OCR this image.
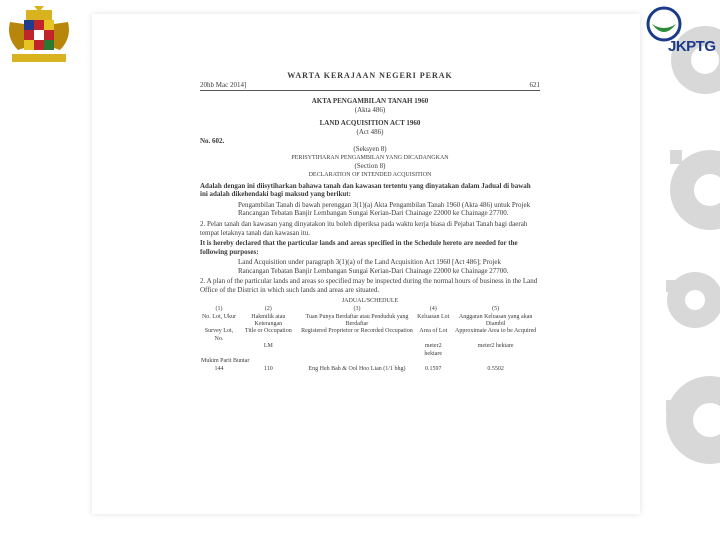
JKPTG

WARTA KERAJAAN NEGERI PERAK

20hb Mac 2014]	621

AKTA PENGAMBILAN TANAH 1960

(Akta 486)

LAND ACQUISITION ACT 1960

(Act 486)

No. 602.

(Seksyen 8)

PERISYTIHARAN PENGAMBILAN YANG DICADANGKAN

(Section 8)

DECLARATION OF INTENDED ACQUISITION

Adalah dengan ini diisytiharkan bahawa tanah dan kawasan tertentu yang dinyatakan dalam Jadual di bawah ini adalah dikehendaki bagi maksud yang berikut:

Pengambilan Tanah di bawah perenggan 3(1)(a) Akta Pengambilan Tanah 1960 (Akta 486) untuk Projek Rancangan Tebatan Banjir Lembangan Sungai Kerian-Dari Chainage 22000 ke Chainage 27700.

2. Pelan tanah dan kawasan yang dinyatakon itu boleh diperiksa pada waktu kerja biasa di Pejabat Tanah bagi daerah tempat letaknya tanah dan kawasan itu.

It is hereby declared that the particular lands and areas specified in the Schedule hereto are needed for the following purposes:

Land Acquisition under paragraph 3(1)(a) of the Land Acquisition Act 1960 [Act 486]; Projek Rancangan Tebatan Banjir Lembangan Sungai Kerian-Dari Chainage 22000 ke Chainage 27700.

2. A plan of the particular lands and areas so specified may be inspected during the normal hours of business in the Land Office of the District in which such lands and areas are situated.

JADUAL/SCHEDULE

(1)	(2)	(3)	(4)	(5)
No. Lot, Ukur	Hakmilik atau Keterangan	Tuan Punya Berdaftar atau Penduduk yang Berdaftar	Keluasan Lot	Anggaran Keluasan yang akan Diambil
Survey Lot, No.	Title or Occupation	Registered Proprietor or Recorded Occupation	Area of Lot	Approximate Area to be Acquired
	LM		meter2 hektare	meter2 hektare
Mukim Parit Buntar				
144	110	Eng Heh Bah & Ool Hoo Lian (1/1 bhg)	0.1597	0.5502
